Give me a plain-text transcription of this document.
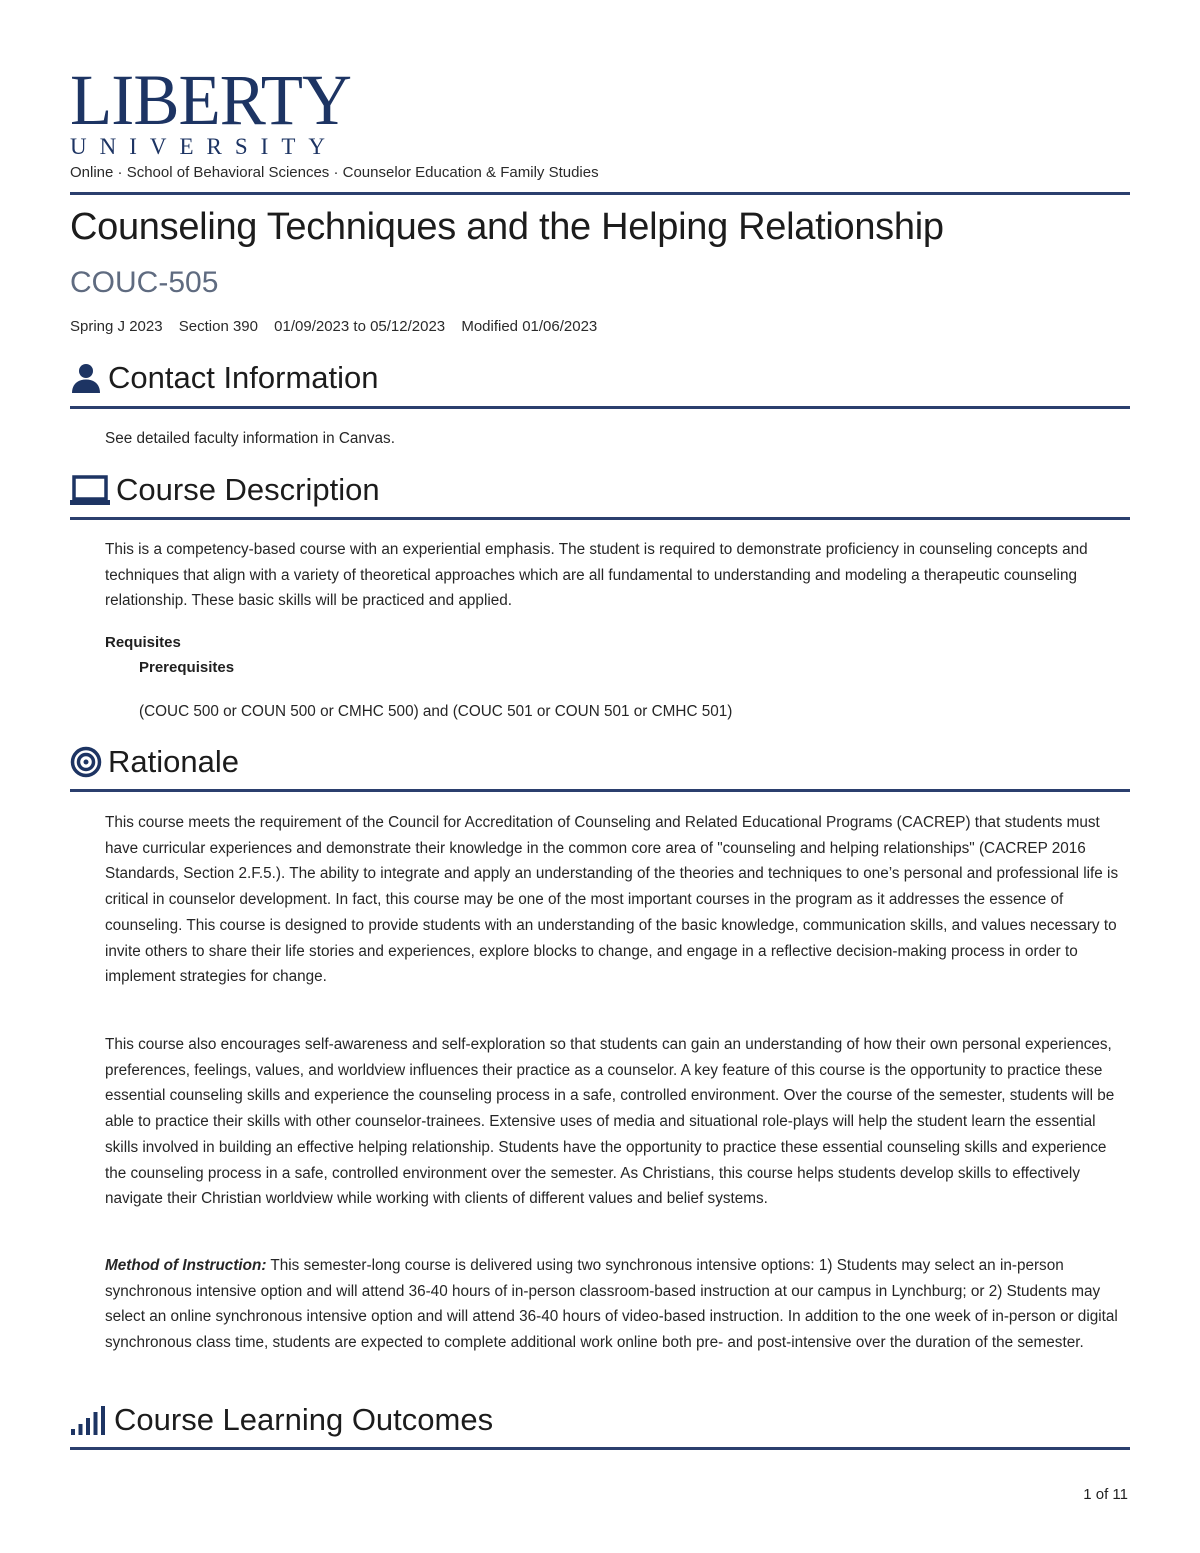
LIBERTY
UNIVERSITY
Online · School of Behavioral Sciences · Counselor Education & Family Studies
Counseling Techniques and the Helping Relationship
COUC-505
Spring J 2023 Section 390 01/09/2023 to 05/12/2023 Modified 01/06/2023
Contact Information

See detailed faculty information in Canvas.

Course Description

This is a competency-based course with an experiential emphasis. The student is required to demonstrate proficiency in counseling concepts and techniques that align with a variety of theoretical approaches which are all fundamental to understanding and modeling a therapeutic counseling relationship. These basic skills will be practiced and applied.

Requisites
Prerequisites

(COUC 500 or COUN 500 or CMHC 500) and (COUC 501 or COUN 501 or CMHC 501)

Rationale

This course meets the requirement of the Council for Accreditation of Counseling and Related Educational Programs (CACREP) that students must have curricular experiences and demonstrate their knowledge in the common core area of "counseling and helping relationships" (CACREP 2016 Standards, Section 2.F.5.). The ability to integrate and apply an understanding of the theories and techniques to one’s personal and professional life is critical in counselor development. In fact, this course may be one of the most important courses in the program as it addresses the essence of counseling. This course is designed to provide students with an understanding of the basic knowledge, communication skills, and values necessary to invite others to share their life stories and experiences, explore blocks to change, and engage in a reflective decision-making process in order to implement strategies for change.

This course also encourages self-awareness and self-exploration so that students can gain an understanding of how their own personal experiences, preferences, feelings, values, and worldview influences their practice as a counselor. A key feature of this course is the opportunity to practice these essential counseling skills and experience the counseling process in a safe, controlled environment. Over the course of the semester, students will be able to practice their skills with other counselor-trainees. Extensive uses of media and situational role-plays will help the student learn the essential skills involved in building an effective helping relationship. Students have the opportunity to practice these essential counseling skills and experience the counseling process in a safe, controlled environment over the semester. As Christians, this course helps students develop skills to effectively navigate their Christian worldview while working with clients of different values and belief systems.

Method of Instruction: This semester-long course is delivered using two synchronous intensive options: 1) Students may select an in-person synchronous intensive option and will attend 36-40 hours of in-person classroom-based instruction at our campus in Lynchburg; or 2) Students may select an online synchronous intensive option and will attend 36-40 hours of video-based instruction. In addition to the one week of in-person or digital synchronous class time, students are expected to complete additional work online both pre- and post-intensive over the duration of the semester.

Course Learning Outcomes
1 of 11
